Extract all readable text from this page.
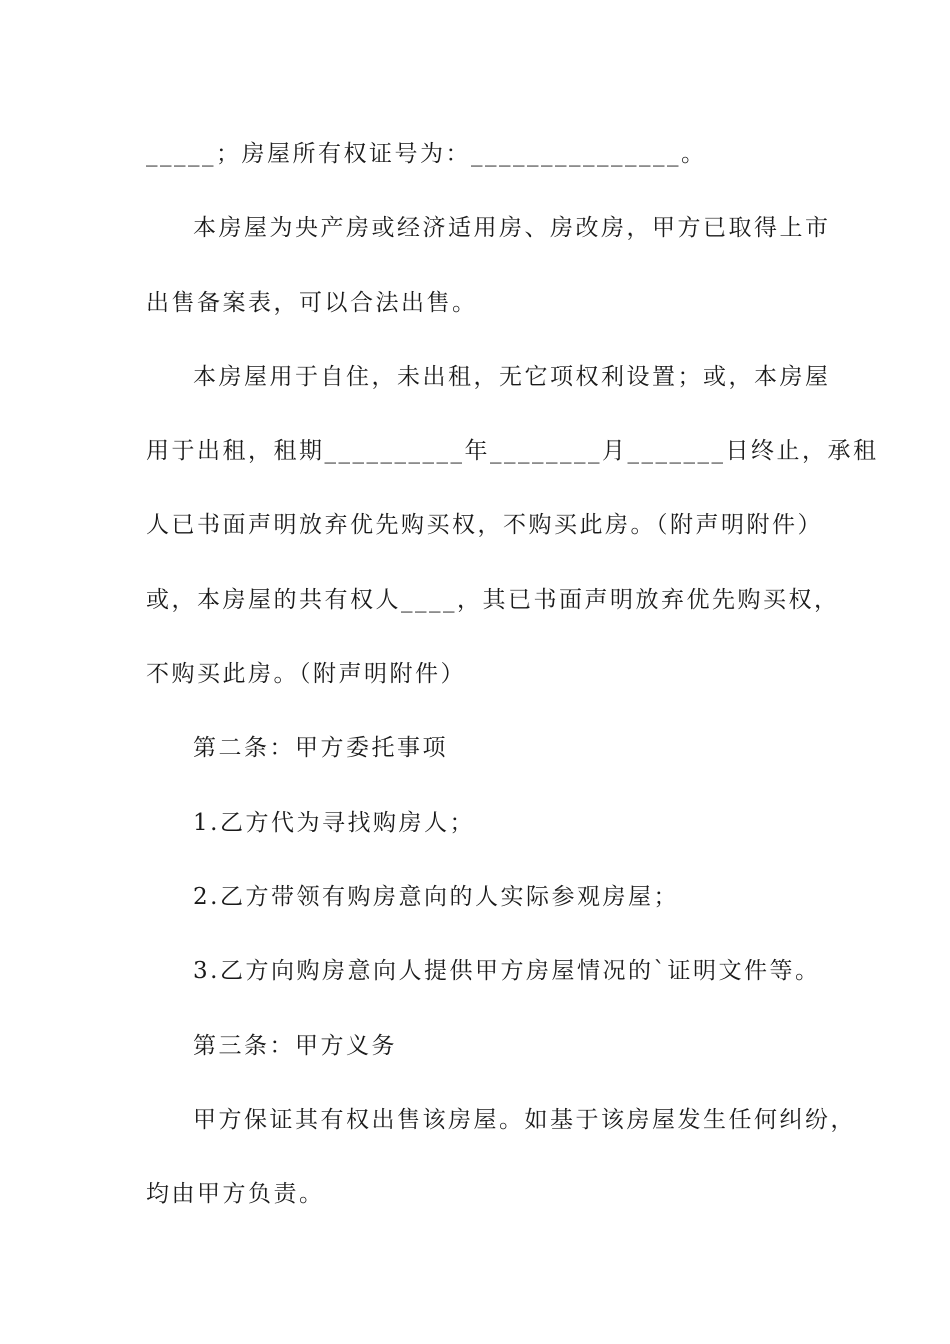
_____；房屋所有权证号为：_______________。
本房屋为央产房或经济适用房、房改房，甲方已取得上市
出售备案表，可以合法出售。
本房屋用于自住，未出租，无它项权利设置；或，本房屋
用于出租，租期__________年________月_______日终止，承租
人已书面声明放弃优先购买权，不购买此房。（附声明附件）
或，本房屋的共有权人____，其已书面声明放弃优先购买权，
不购买此房。（附声明附件）
第二条：甲方委托事项
1.乙方代为寻找购房人；
2.乙方带领有购房意向的人实际参观房屋；
3.乙方向购房意向人提供甲方房屋情况的`证明文件等。
第三条：甲方义务
甲方保证其有权出售该房屋。如基于该房屋发生任何纠纷，
均由甲方负责。
